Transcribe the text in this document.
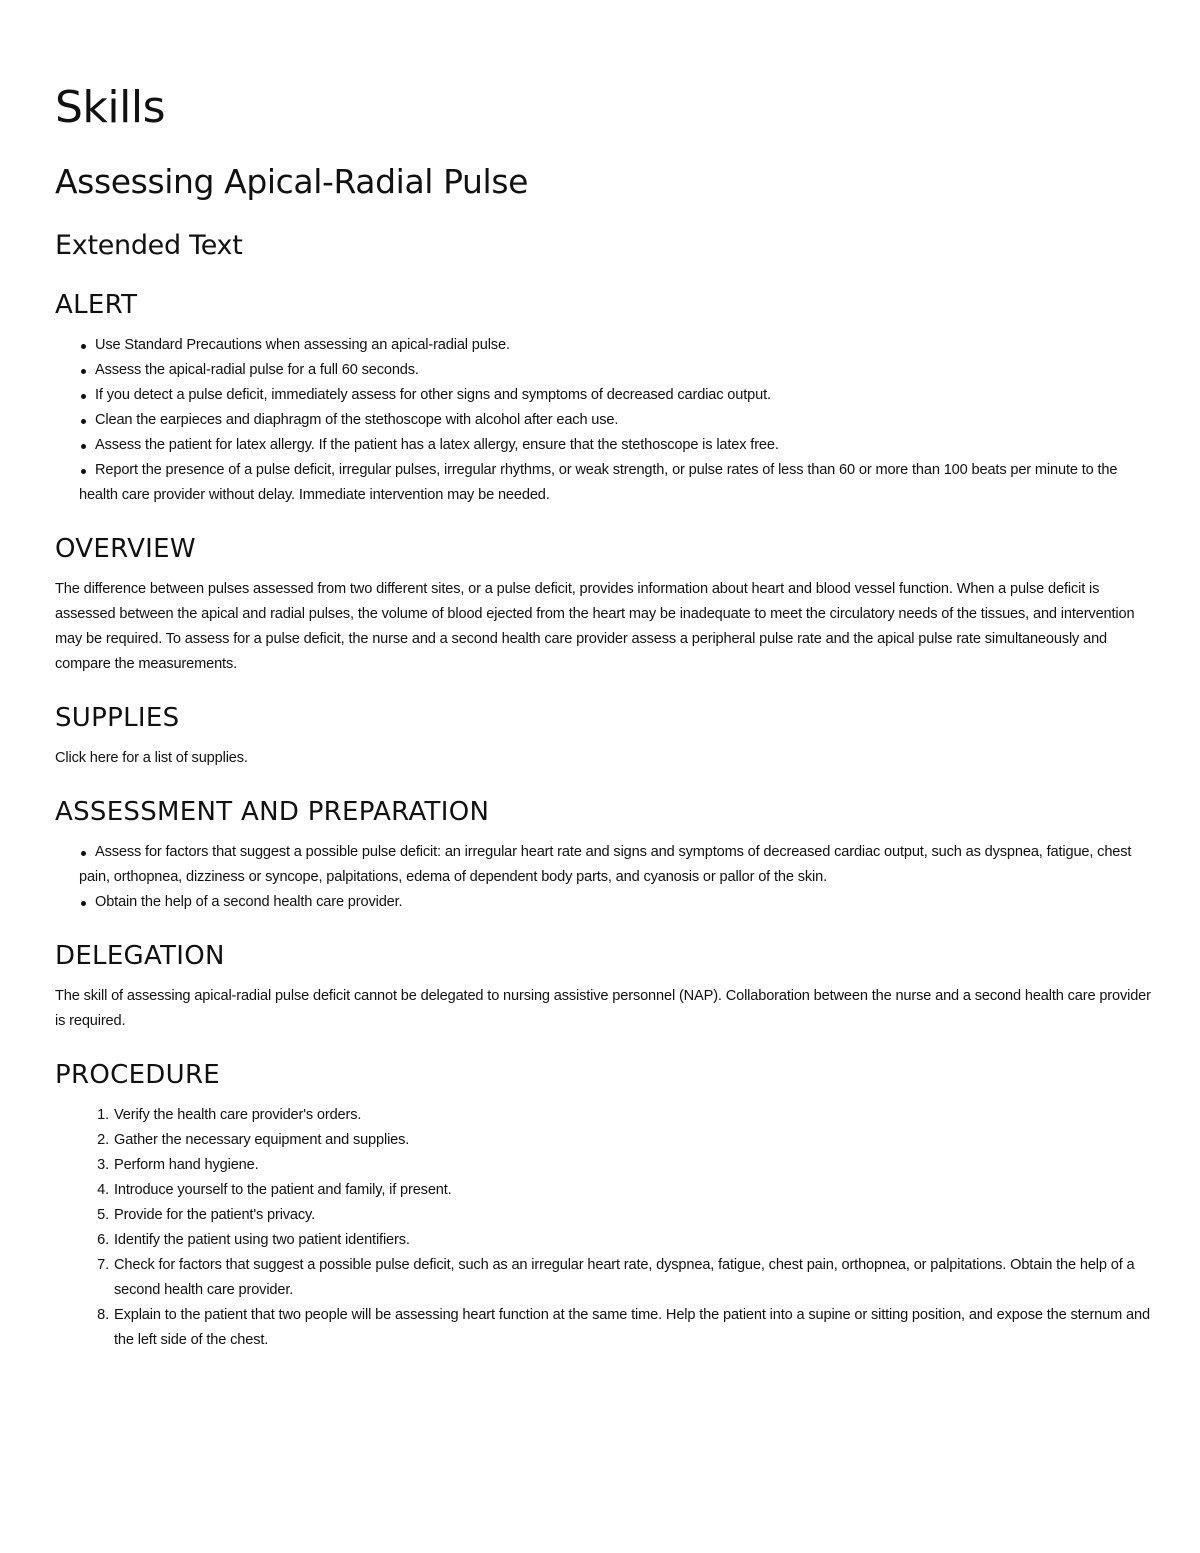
Skills
Assessing Apical-Radial Pulse
Extended Text
ALERT
Use Standard Precautions when assessing an apical-radial pulse.
Assess the apical-radial pulse for a full 60 seconds.
If you detect a pulse deficit, immediately assess for other signs and symptoms of decreased cardiac output.
Clean the earpieces and diaphragm of the stethoscope with alcohol after each use.
Assess the patient for latex allergy. If the patient has a latex allergy, ensure that the stethoscope is latex free.
Report the presence of a pulse deficit, irregular pulses, irregular rhythms, or weak strength, or pulse rates of less than 60 or more than 100 beats per minute to the health care provider without delay. Immediate intervention may be needed.
OVERVIEW

The difference between pulses assessed from two different sites, or a pulse deficit, provides information about heart and blood vessel function. When a pulse deficit is assessed between the apical and radial pulses, the volume of blood ejected from the heart may be inadequate to meet the circulatory needs of the tissues, and intervention may be required. To assess for a pulse deficit, the nurse and a second health care provider assess a peripheral pulse rate and the apical pulse rate simultaneously and compare the measurements.

SUPPLIES

Click here for a list of supplies.

ASSESSMENT AND PREPARATION
Assess for factors that suggest a possible pulse deficit: an irregular heart rate and signs and symptoms of decreased cardiac output, such as dyspnea, fatigue, chest pain, orthopnea, dizziness or syncope, palpitations, edema of dependent body parts, and cyanosis or pallor of the skin.
Obtain the help of a second health care provider.
DELEGATION

The skill of assessing apical-radial pulse deficit cannot be delegated to nursing assistive personnel (NAP). Collaboration between the nurse and a second health care provider is required.

PROCEDURE
1. Verify the health care provider's orders.
2. Gather the necessary equipment and supplies.
3. Perform hand hygiene.
4. Introduce yourself to the patient and family, if present.
5. Provide for the patient's privacy.
6. Identify the patient using two patient identifiers.
7. Check for factors that suggest a possible pulse deficit, such as an irregular heart rate, dyspnea, fatigue, chest pain, orthopnea, or palpitations. Obtain the help of a second health care provider.
8. Explain to the patient that two people will be assessing heart function at the same time. Help the patient into a supine or sitting position, and expose the sternum and the left side of the chest.
